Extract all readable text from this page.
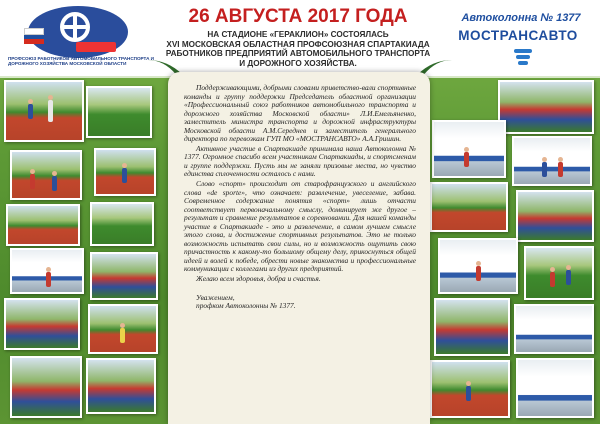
ПРОФСОЮЗ РАБОТНИКОВ АВТОМОБИЛЬНОГО ТРАНСПОРТА И ДОРОЖНОГО ХОЗЯЙСТВА МОСКОВСКОЙ ОБЛАСТИ
26 АВГУСТА 2017 ГОДА
НА СТАДИОНЕ «ГЕРАКЛИОН» СОСТОЯЛАСЬ
XVI МОСКОВСКАЯ ОБЛАСТНАЯ ПРОФСОЮЗНАЯ СПАРТАКИАДА
РАБОТНИКОВ ПРЕДПРИЯТИЙ АВТОМОБИЛЬНОГО ТРАНСПОРТА
И ДОРОЖНОГО ХОЗЯЙСТВА.
Автоколонна № 1377
МОСТРАНСАВТО

Поддерживающими, добрыми словами приветство-вали спортивные команды и группу поддержки Председатель областной организации «Профессиональный союз работников автомобильного транспорта и дорожного хозяйства Московской области» Л.И.Емельяненко, заместитель министра транспорта и дорожной инфраструктуры Московской области А.М.Середнев и заместитель генерального директора по перевозкам ГУП МО «МОСТРАНСАВТО» А.А.Гришин.

Активное участие в Спартакиаде принимала наша Автоколонна № 1377. Огромное спасибо всем участникам Спартакиады, и спортсменам и группе поддержки. Пусть мы не заняли призовые места, но чувство единства сплоченности осталось с нами.

Слово «спорт» происходит от старофранцузского и английского слова «de sporte», что означает: развлечение, увеселение, забава. Современное содержание понятия «спорт» лишь отчасти соответствует первоначальному смыслу, доминирует же другое – результат и сравнение результатов в соревновании. Для нашей команды участие в Спартакиаде - это и развлечение, в самом лучшем смысле этого слова, и достижение спортивных результатов. Это не только возможность испытать свои силы, но и возможность ощутить свою причастность к какому-то большому общему делу, прикоснуться общей идеей и волей к победе, обрести новые знакомства и профессиональные коммуникации с коллегами из других предприятий.

Желаю всем здоровья, добра и счастья.

Уважением,
профком Автоколонны № 1377.
